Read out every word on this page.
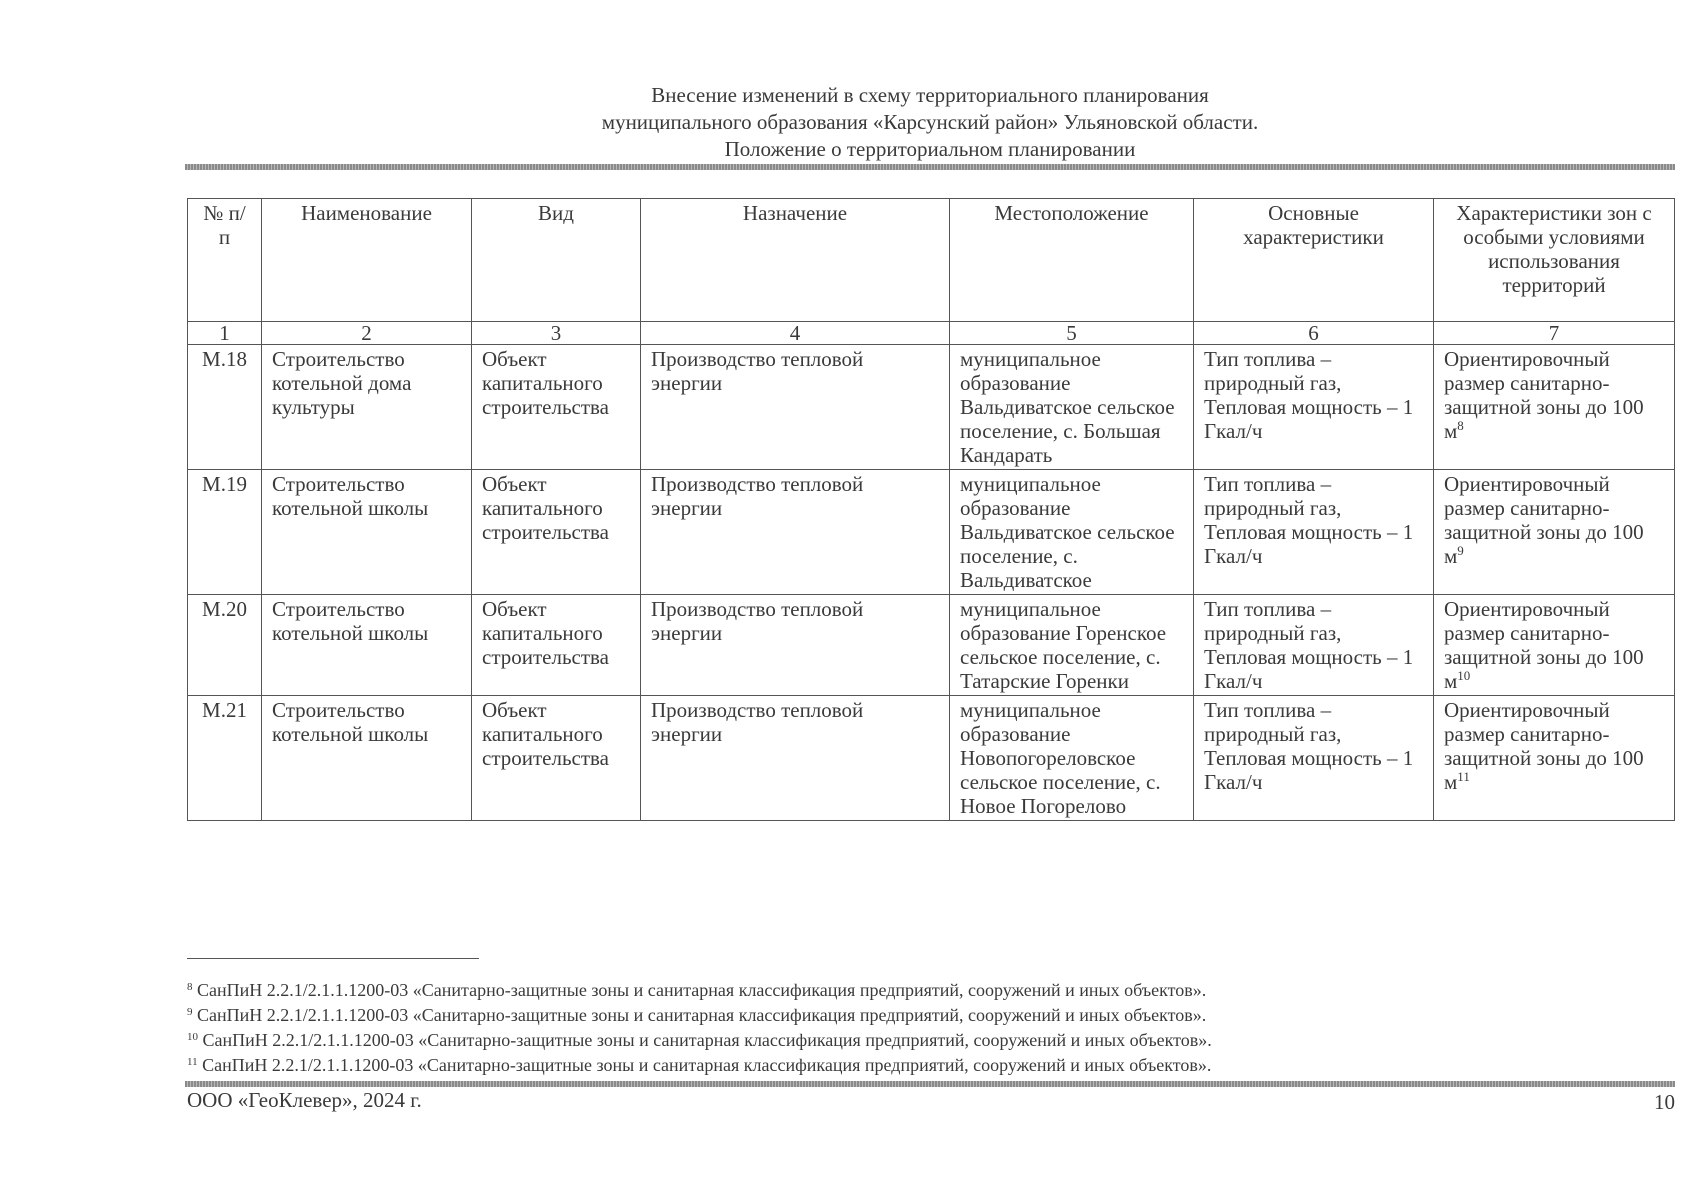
Внесение изменений в схему территориального планирования
муниципального образования «Карсунский район» Ульяновской области.
Положение о территориальном планировании
№ п/п	Наименование	Вид	Назначение	Местоположение	Основные характеристики	Характеристики зон с особыми условиями использования территорий
1	2	3	4	5	6	7
М.18	Строительство котельной дома культуры	Объект капитального строительства	Производство тепловой энергии	муниципальное образование Вальдиватское сельское поселение, с. Большая Кандарать	Тип топлива – природный газ, Тепловая мощность – 1 Гкал/ч	Ориентировочный размер санитарно-защитной зоны до 100 $м^8$
М.19	Строительство котельной школы	Объект капитального строительства	Производство тепловой энергии	муниципальное образование Вальдиватское сельское поселение, с. Вальдиватское	Тип топлива – природный газ, Тепловая мощность – 1 Гкал/ч	Ориентировочный размер санитарно-защитной зоны до 100 $м^9$
М.20	Строительство котельной школы	Объект капитального строительства	Производство тепловой энергии	муниципальное образование Горенское сельское поселение, с. Татарские Горенки	Тип топлива – природный газ, Тепловая мощность – 1 Гкал/ч	Ориентировочный размер санитарно-защитной зоны до 100 $м^{10}$
М.21	Строительство котельной школы	Объект капитального строительства	Производство тепловой энергии	муниципальное образование Новопогореловское сельское поселение, с. Новое Погорелово	Тип топлива – природный газ, Тепловая мощность – 1 Гкал/ч	Ориентировочный размер санитарно-защитной зоны до 100 $м^{11}$
$^8$ СанПиН 2.2.1/2.1.1.1200-03 «Санитарно-защитные зоны и санитарная классификация предприятий, сооружений и иных объектов».
$^9$ СанПиН 2.2.1/2.1.1.1200-03 «Санитарно-защитные зоны и санитарная классификация предприятий, сооружений и иных объектов».
$^{10}$ СанПиН 2.2.1/2.1.1.1200-03 «Санитарно-защитные зоны и санитарная классификация предприятий, сооружений и иных объектов».
$^{11}$ СанПиН 2.2.1/2.1.1.1200-03 «Санитарно-защитные зоны и санитарная классификация предприятий, сооружений и иных объектов».
ООО «ГеоКлевер», 2024 г.	10
